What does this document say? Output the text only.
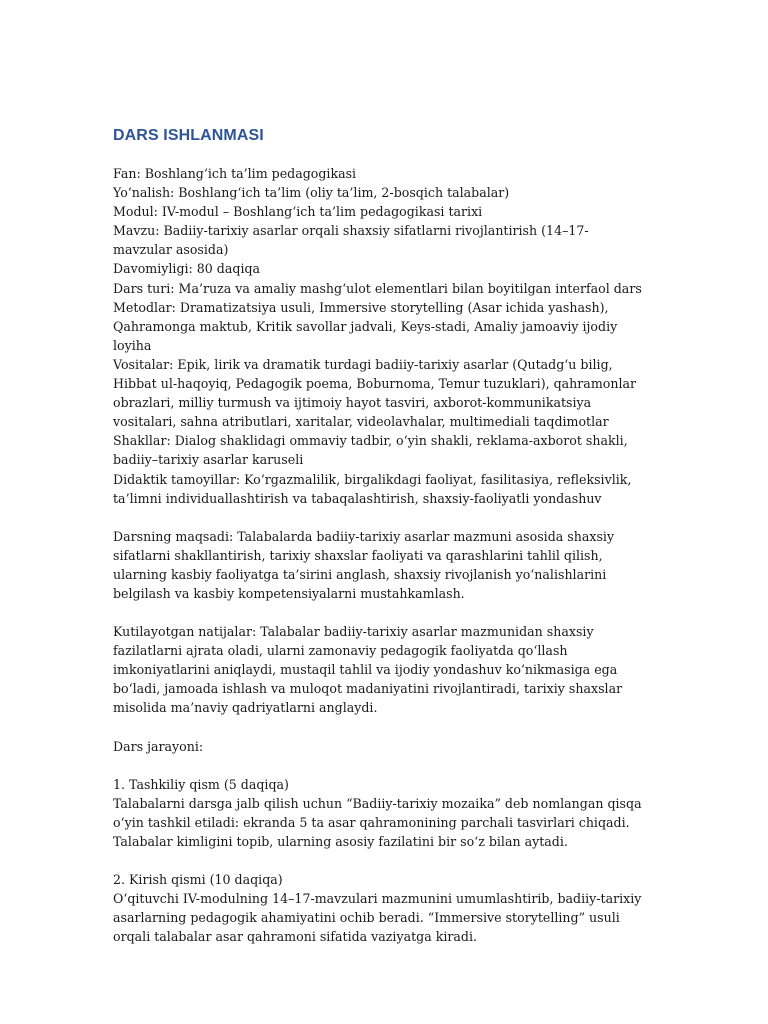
DARS ISHLANMASI

Fan: Boshlang‘ich ta’lim pedagogikasi

Yo‘nalish: Boshlang‘ich ta’lim (oliy ta’lim, 2-bosqich talabalar)

Modul: IV-modul – Boshlang‘ich ta’lim pedagogikasi tarixi

Mavzu: Badiiy-tarixiy asarlar orqali shaxsiy sifatlarni rivojlantirish (14–17-mavzular asosida)

Davomiyligi: 80 daqiqa

Dars turi: Ma’ruza va amaliy mashg‘ulot elementlari bilan boyitilgan interfaol dars

Metodlar: Dramatizatsiya usuli, Immersive storytelling (Asar ichida yashash), Qahramonga maktub, Kritik savollar jadvali, Keys-stadi, Amaliy jamoaviy ijodiy loyiha

Vositalar: Epik, lirik va dramatik turdagi badiiy-tarixiy asarlar (Qutadg‘u bilig, Hibbat ul-haqoyiq, Pedagogik poema, Boburnoma, Temur tuzuklari), qahramonlar obrazlari, milliy turmush va ijtimoiy hayot tasviri, axborot-kommunikatsiya vositalari, sahna atributlari, xaritalar, videolavhalar, multimediali taqdimotlar

Shakllar: Dialog shaklidagi ommaviy tadbir, o‘yin shakli, reklama-axborot shakli, badiiy–tarixiy asarlar karuseli

Didaktik tamoyillar: Ko‘rgazmalilik, birgalikdagi faoliyat, fasilitasiya, refleksivlik, ta’limni individuallashtirish va tabaqalashtirish, shaxsiy-faoliyatli yondashuv

Darsning maqsadi: Talabalarda badiiy-tarixiy asarlar mazmuni asosida shaxsiy sifatlarni shakllantirish, tarixiy shaxslar faoliyati va qarashlarini tahlil qilish, ularning kasbiy faoliyatga ta’sirini anglash, shaxsiy rivojlanish yo‘nalishlarini belgilash va kasbiy kompetensiyalarni mustahkamlash.

Kutilayotgan natijalar: Talabalar badiiy-tarixiy asarlar mazmunidan shaxsiy fazilatlarni ajrata oladi, ularni zamonaviy pedagogik faoliyatda qo‘llash imkoniyatlarini aniqlaydi, mustaqil tahlil va ijodiy yondashuv ko‘nikmasiga ega bo‘ladi, jamoada ishlash va muloqot madaniyatini rivojlantiradi, tarixiy shaxslar misolida ma’naviy qadriyatlarni anglaydi.

Dars jarayoni:

1. Tashkiliy qism (5 daqiqa)

Talabalarni darsga jalb qilish uchun “Badiiy-tarixiy mozaika” deb nomlangan qisqa o‘yin tashkil etiladi: ekranda 5 ta asar qahramonining parchali tasvirlari chiqadi. Talabalar kimligini topib, ularning asosiy fazilatini bir so‘z bilan aytadi.

2. Kirish qismi (10 daqiqa)

O‘qituvchi IV-modulning 14–17-mavzulari mazmunini umumlashtirib, badiiy-tarixiy asarlarning pedagogik ahamiyatini ochib beradi. “Immersive storytelling” usuli orqali talabalar asar qahramoni sifatida vaziyatga kiradi.
